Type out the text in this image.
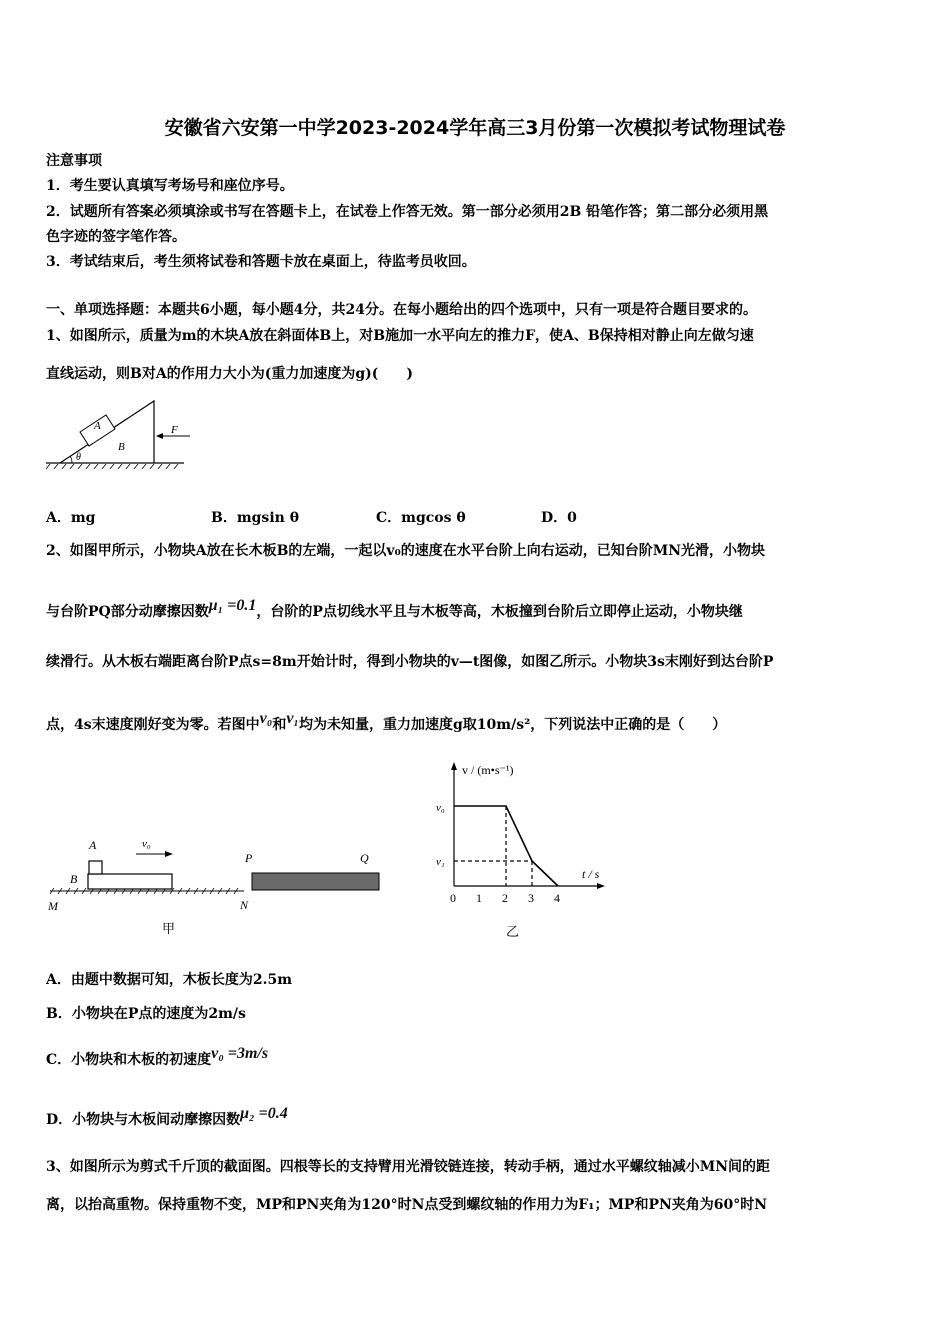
安徽省六安第一中学2023-2024学年高三3月份第一次模拟考试物理试卷
注意事项
1．考生要认真填写考场号和座位序号。
2．试题所有答案必须填涂或书写在答题卡上，在试卷上作答无效。第一部分必须用2B 铅笔作答；第二部分必须用黑
色字迹的签字笔作答。
3．考试结束后，考生须将试卷和答题卡放在桌面上，待监考员收回。
一、单项选择题：本题共6小题，每小题4分，共24分。在每小题给出的四个选项中，只有一项是符合题目要求的。
1、如图所示，质量为m的木块A放在斜面体B上，对B施加一水平向左的推力F，使A、B保持相对静止向左做匀速
直线运动，则B对A的作用力大小为(重力加速度为g)(　　)
A
B
θ
F
A．mg	B．mgsin θ	C．mgcos θ	D．0
2、如图甲所示，小物块A放在长木板B的左端，一起以v₀的速度在水平台阶上向右运动，已知台阶MN光滑，小物块
与台阶PQ部分动摩擦因数μ₁ =0.1，台阶的P点切线水平且与木板等高，木板撞到台阶后立即停止运动，小物块继
续滑行。从木板右端距离台阶P点s=8m开始计时，得到小物块的v—t图像，如图乙所示。小物块3s末刚好到达台阶P
点，4s末速度刚好变为零。若图中v₀和v₁均为未知量，重力加速度g取10m/s²，下列说法中正确的是（　　）
v₀
A
B
M	N
P	Q
甲
v / (m•s⁻¹)
t / s
v₀
v₁
0 1 2 3 4
乙
A．由题中数据可知，木板长度为2.5m
B．小物块在P点的速度为2m/s
C．小物块和木板的初速度v₀ =3m/s
D．小物块与木板间动摩擦因数μ₂ =0.4
3、如图所示为剪式千斤顶的截面图。四根等长的支持臂用光滑铰链连接，转动手柄，通过水平螺纹轴减小MN间的距
离，以抬高重物。保持重物不变，MP和PN夹角为120°时N点受到螺纹轴的作用力为F₁；MP和PN夹角为60°时N
